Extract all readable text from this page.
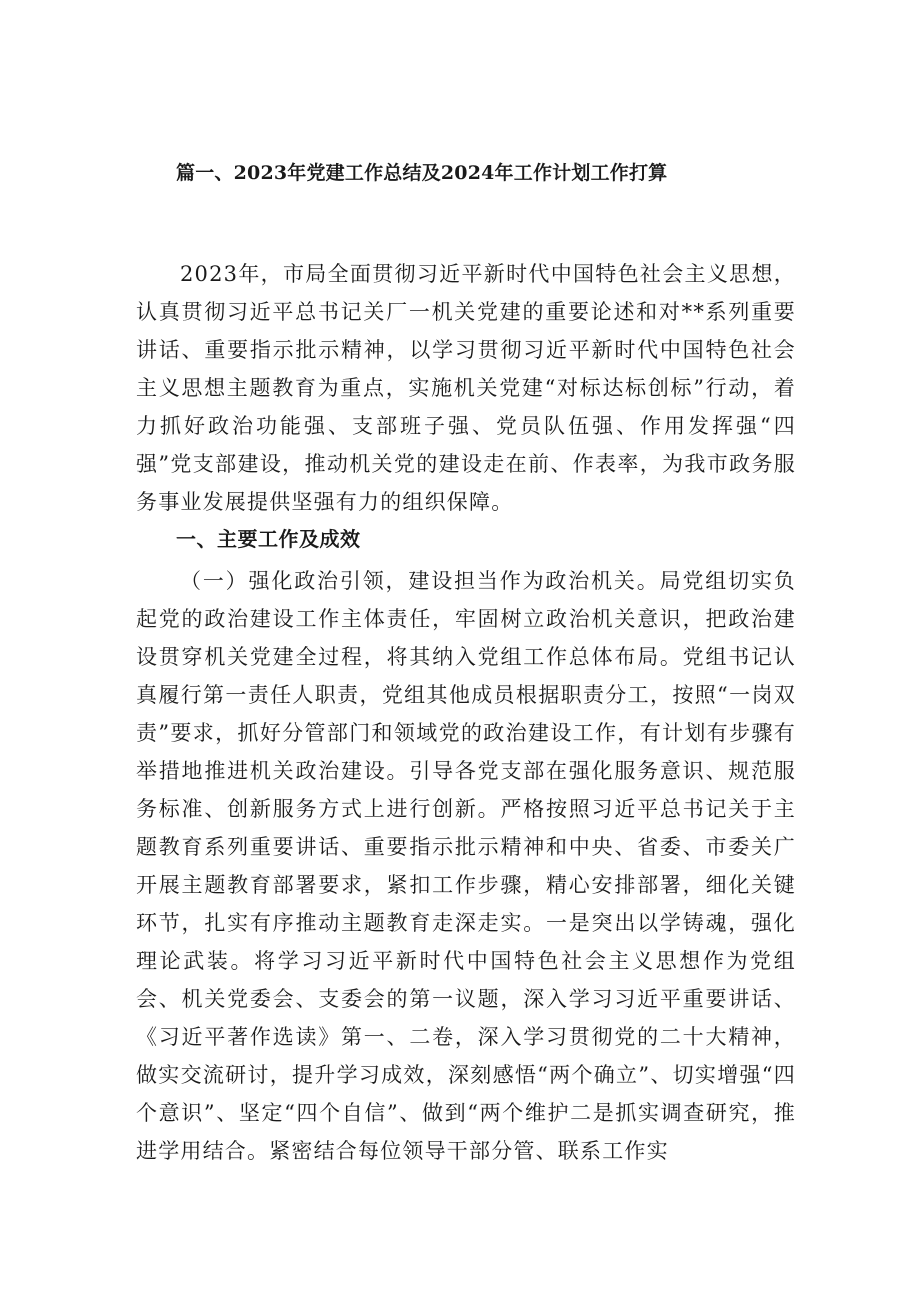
篇一、2023年党建工作总结及2024年工作计划工作打算
2023年，市局全面贯彻习近平新时代中国特色社会主义思想，认真贯彻习近平总书记关厂一机关党建的重要论述和对**系列重要讲话、重要指示批示精神，以学习贯彻习近平新时代中国特色社会主义思想主题教育为重点，实施机关党建“对标达标创标”行动，着力抓好政治功能强、支部班子强、党员队伍强、作用发挥强“四强”党支部建设，推动机关党的建设走在前、作表率，为我市政务服务事业发展提供坚强有力的组织保障。
一、主要工作及成效
（一）强化政治引领，建设担当作为政治机关。局党组切实负起党的政治建设工作主体责任，牢固树立政治机关意识，把政治建设贯穿机关党建全过程，将其纳入党组工作总体布局。党组书记认真履行第一责任人职责，党组其他成员根据职责分工，按照“一岗双责”要求，抓好分管部门和领域党的政治建设工作，有计划有步骤有举措地推进机关政治建设。引导各党支部在强化服务意识、规范服务标准、创新服务方式上进行创新。严格按照习近平总书记关于主题教育系列重要讲话、重要指示批示精神和中央、省委、市委关广开展主题教育部署要求，紧扣工作步骤，精心安排部署，细化关键环节，扎实有序推动主题教育走深走实。一是突出以学铸魂，强化理论武装。将学习习近平新时代中国特色社会主义思想作为党组会、机关党委会、支委会的第一议题，深入学习习近平重要讲话、《习近平著作选读》第一、二卷，深入学习贯彻党的二十大精神，做实交流研讨，提升学习成效，深刻感悟“两个确立”、切实增强“四个意识”、坚定“四个自信”、做到“两个维护二是抓实调查研究，推进学用结合。紧密结合每位领导干部分管、联系工作实
